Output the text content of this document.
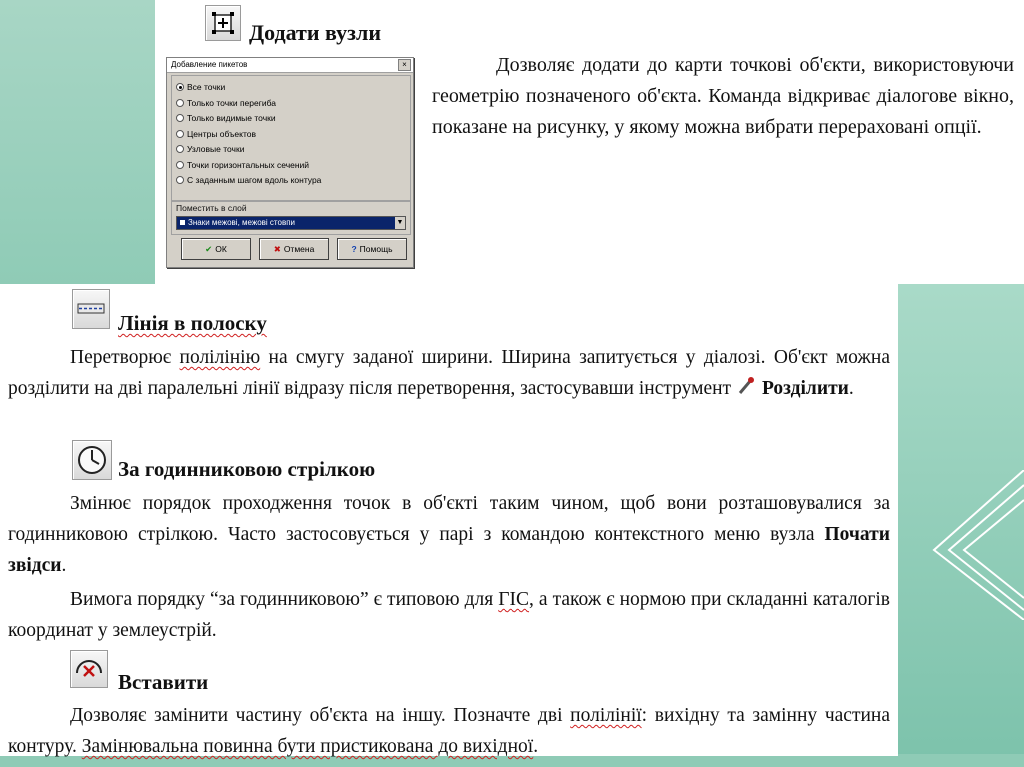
Додати вузли
Дозволяє додати до карти точкові об'єкти, використовуючи геометрію позначеного об'єкта. Команда відкриває діалогове вікно, показане на рисунку, у якому можна вибрати перераховані опції.
Добавление пикетов	×
Все точки
Только точки перегиба
Только видимые точки
Центры объектов
Узловые точки
Точки горизонтальных сечений
С заданным шагом вдоль контура
Поместить в слой
Знаки межові, межові стовпи	▼
✔ ОК	✖ Отмена	? Помощь
Лінія в полоску
Перетворює полілінію на смугу заданої ширини. Ширина запитується у діалозі. Об'єкт можна розділити на дві паралельні лінії відразу після перетворення, застосувавши інструмент Розділити.
За годинниковою стрілкою
Змінює порядок проходження точок в об'єкті таким чином, щоб вони розташовувалися за годинниковою стрілкою. Часто застосовується у парі з командою контекстного меню вузла Почати звідси.
Вимога порядку “за годинниковою” є типовою для ГІС, а також є нормою при складанні каталогів координат у землеустрій.
Вставити
Дозволяє замінити частину об'єкта на іншу. Позначте дві полілінії: вихідну та замінну частина контуру. Замінювальна повинна бути пристикована до вихідної.
